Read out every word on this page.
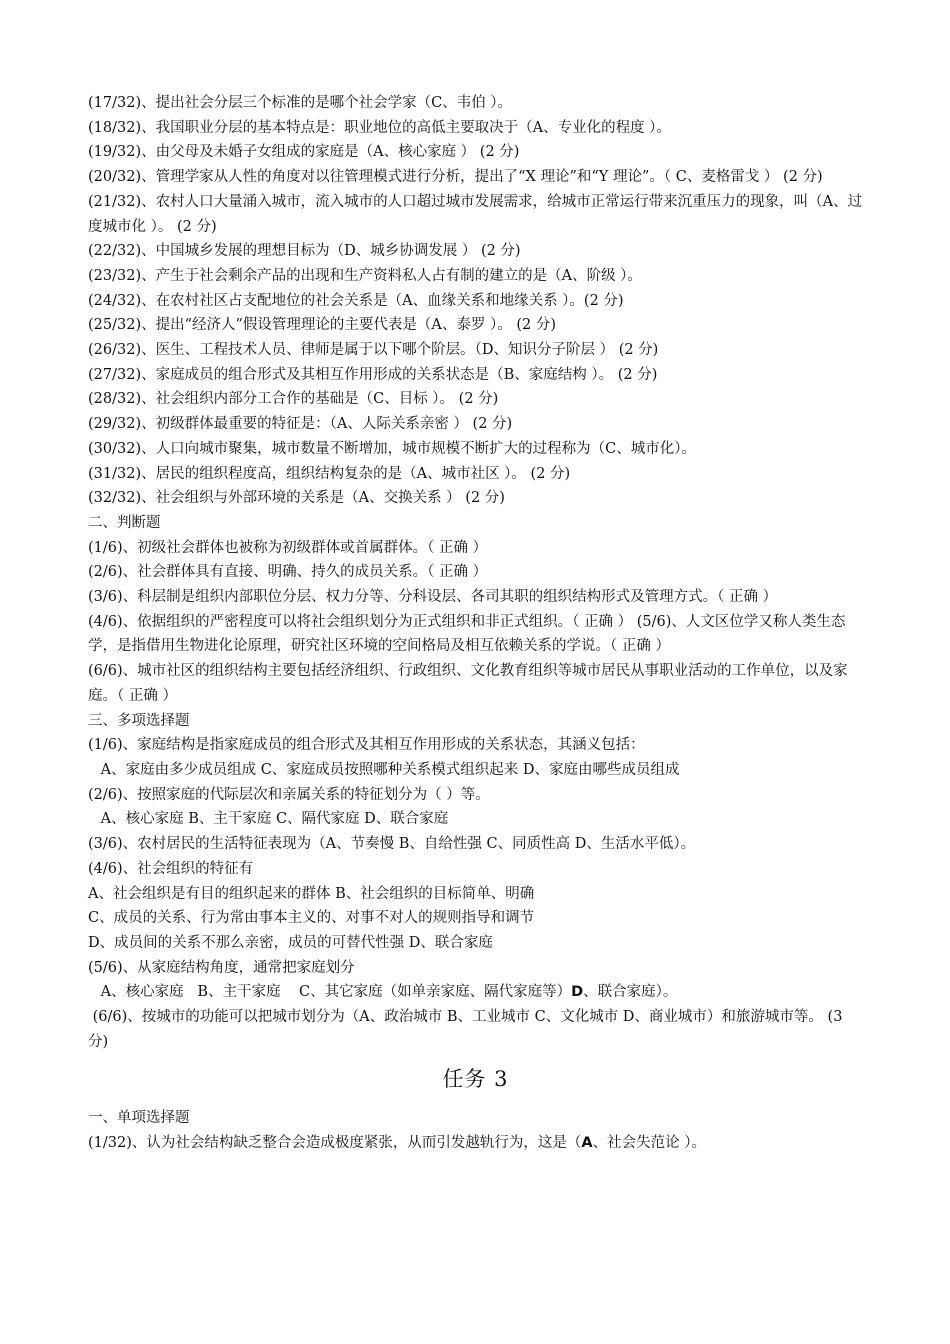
(17/32)、提出社会分层三个标准的是哪个社会学家（C、韦伯 ）。

(18/32)、我国职业分层的基本特点是：职业地位的高低主要取决于（A、专业化的程度 ）。

(19/32)、由父母及未婚子女组成的家庭是（A、核心家庭 ） (2 分)

(20/32)、管理学家从人性的角度对以往管理模式进行分析，提出了“X 理论”和“Y 理论”。（ C、麦格雷戈 ） (2 分)

(21/32)、农村人口大量涌入城市，流入城市的人口超过城市发展需求，给城市正常运行带来沉重压力的现象，叫（A、过度城市化 ）。 (2 分)

(22/32)、中国城乡发展的理想目标为（D、城乡协调发展 ） (2 分)

(23/32)、产生于社会剩余产品的出现和生产资料私人占有制的建立的是（A、阶级 ）。

(24/32)、在农村社区占支配地位的社会关系是（A、血缘关系和地缘关系 ）。(2 分)

(25/32)、提出“经济人”假设管理理论的主要代表是（A、泰罗 ）。 (2 分)

(26/32)、医生、工程技术人员、律师是属于以下哪个阶层。（D、知识分子阶层 ） (2 分)

(27/32)、家庭成员的组合形式及其相互作用形成的关系状态是（B、家庭结构 ）。 (2 分)

(28/32)、社会组织内部分工合作的基础是（C、目标 ）。 (2 分)

(29/32)、初级群体最重要的特征是：（A、人际关系亲密 ） (2 分)

(30/32)、人口向城市聚集，城市数量不断增加，城市规模不断扩大的过程称为（C、城市化）。

(31/32)、居民的组织程度高，组织结构复杂的是（A、城市社区 ）。 (2 分)

(32/32)、社会组织与外部环境的关系是（A、交换关系 ） (2 分)

二、判断题

(1/6)、初级社会群体也被称为初级群体或首属群体。（ 正确 ）

(2/6)、社会群体具有直接、明确、持久的成员关系。（ 正确 ）

(3/6)、科层制是组织内部职位分层、权力分等、分科设层、各司其职的组织结构形式及管理方式。（ 正确 ）

(4/6)、依据组织的严密程度可以将社会组织划分为正式组织和非正式组织。（ 正确 ） (5/6)、人文区位学又称人类生态学，是指借用生物进化论原理，研究社区环境的空间格局及相互依赖关系的学说。（ 正确 ）

(6/6)、城市社区的组织结构主要包括经济组织、行政组织、文化教育组织等城市居民从事职业活动的工作单位，以及家庭。（ 正确 ）

三、多项选择题

(1/6)、家庭结构是指家庭成员的组合形式及其相互作用形成的关系状态，其涵义包括：

A、家庭由多少成员组成 C、家庭成员按照哪种关系模式组织起来 D、家庭由哪些成员组成

(2/6)、按照家庭的代际层次和亲属关系的特征划分为（ ）等。

A、核心家庭 B、主干家庭 C、隔代家庭 D、联合家庭

(3/6)、农村居民的生活特征表现为（A、节奏慢 B、自给性强 C、同质性高 D、生活水平低）。

(4/6)、社会组织的特征有

A、社会组织是有目的组织起来的群体 B、社会组织的目标简单、明确

C、成员的关系、行为常由事本主义的、对事不对人的规则指导和调节

D、成员间的关系不那么亲密，成员的可替代性强 D、联合家庭

(5/6)、从家庭结构角度，通常把家庭划分

A、核心家庭   B、主干家庭    C、其它家庭（如单亲家庭、隔代家庭等）D、联合家庭）。

(6/6)、按城市的功能可以把城市划分为（A、政治城市 B、工业城市 C、文化城市 D、商业城市）和旅游城市等。 (3 分)

任务 3

一、单项选择题

(1/32)、认为社会结构缺乏整合会造成极度紧张，从而引发越轨行为，这是（A、社会失范论 ）。
